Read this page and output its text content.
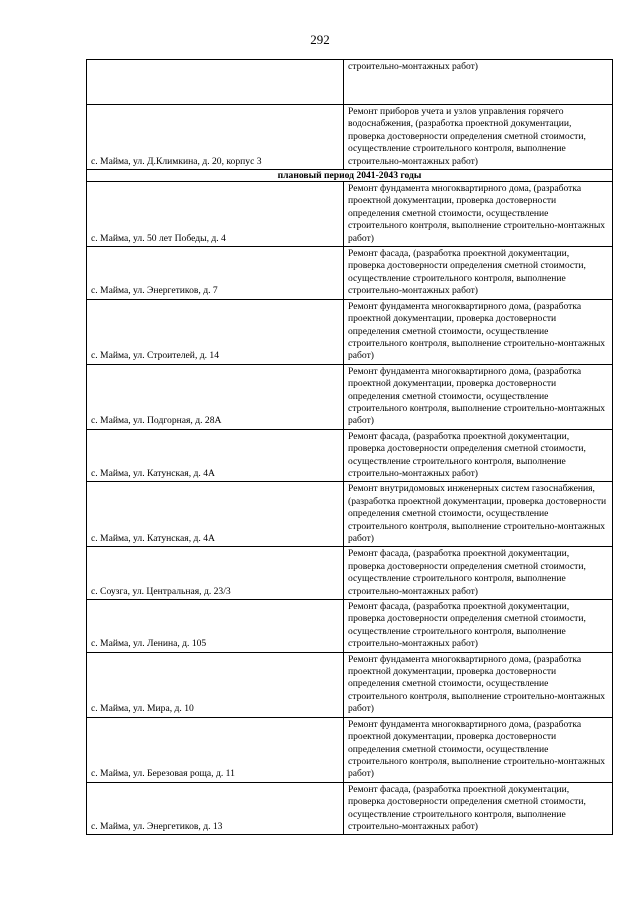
292
	строительно-монтажных работ)
с. Майма, ул. Д.Климкина, д. 20, корпус 3	Ремонт приборов учета и узлов управления горячего водоснабжения, (разработка проектной документации, проверка достоверности определения сметной стоимости, осуществление строительного контроля, выполнение строительно-монтажных работ)
плановый период 2041-2043 годы	
с. Майма, ул. 50 лет Победы, д. 4	Ремонт фундамента многоквартирного дома, (разработка проектной документации, проверка достоверности определения сметной стоимости, осуществление строительного контроля, выполнение строительно-монтажных работ)
с. Майма, ул. Энергетиков, д. 7	Ремонт фасада, (разработка проектной документации, проверка достоверности определения сметной стоимости, осуществление строительного контроля, выполнение строительно-монтажных работ)
с. Майма, ул. Строителей, д. 14	Ремонт фундамента многоквартирного дома, (разработка проектной документации, проверка достоверности определения сметной стоимости, осуществление строительного контроля, выполнение строительно-монтажных работ)
с. Майма, ул. Подгорная, д. 28А	Ремонт фундамента многоквартирного дома, (разработка проектной документации, проверка достоверности определения сметной стоимости, осуществление строительного контроля, выполнение строительно-монтажных работ)
с. Майма, ул. Катунская, д. 4А	Ремонт фасада, (разработка проектной документации, проверка достоверности определения сметной стоимости, осуществление строительного контроля, выполнение строительно-монтажных работ)
с. Майма, ул. Катунская, д. 4А	Ремонт внутридомовых инженерных систем газоснабжения, (разработка проектной документации, проверка достоверности определения сметной стоимости, осуществление строительного контроля, выполнение строительно-монтажных работ)
с. Соузга, ул. Центральная, д. 23/3	Ремонт фасада, (разработка проектной документации, проверка достоверности определения сметной стоимости, осуществление строительного контроля, выполнение строительно-монтажных работ)
с. Майма, ул. Ленина, д. 105	Ремонт фасада, (разработка проектной документации, проверка достоверности определения сметной стоимости, осуществление строительного контроля, выполнение строительно-монтажных работ)
с. Майма, ул. Мира, д. 10	Ремонт фундамента многоквартирного дома, (разработка проектной документации, проверка достоверности определения сметной стоимости, осуществление строительного контроля, выполнение строительно-монтажных работ)
с. Майма, ул. Березовая роща, д. 11	Ремонт фундамента многоквартирного дома, (разработка проектной документации, проверка достоверности определения сметной стоимости, осуществление строительного контроля, выполнение строительно-монтажных работ)
с. Майма, ул. Энергетиков, д. 13	Ремонт фасада, (разработка проектной документации, проверка достоверности определения сметной стоимости, осуществление строительного контроля, выполнение строительно-монтажных работ)
